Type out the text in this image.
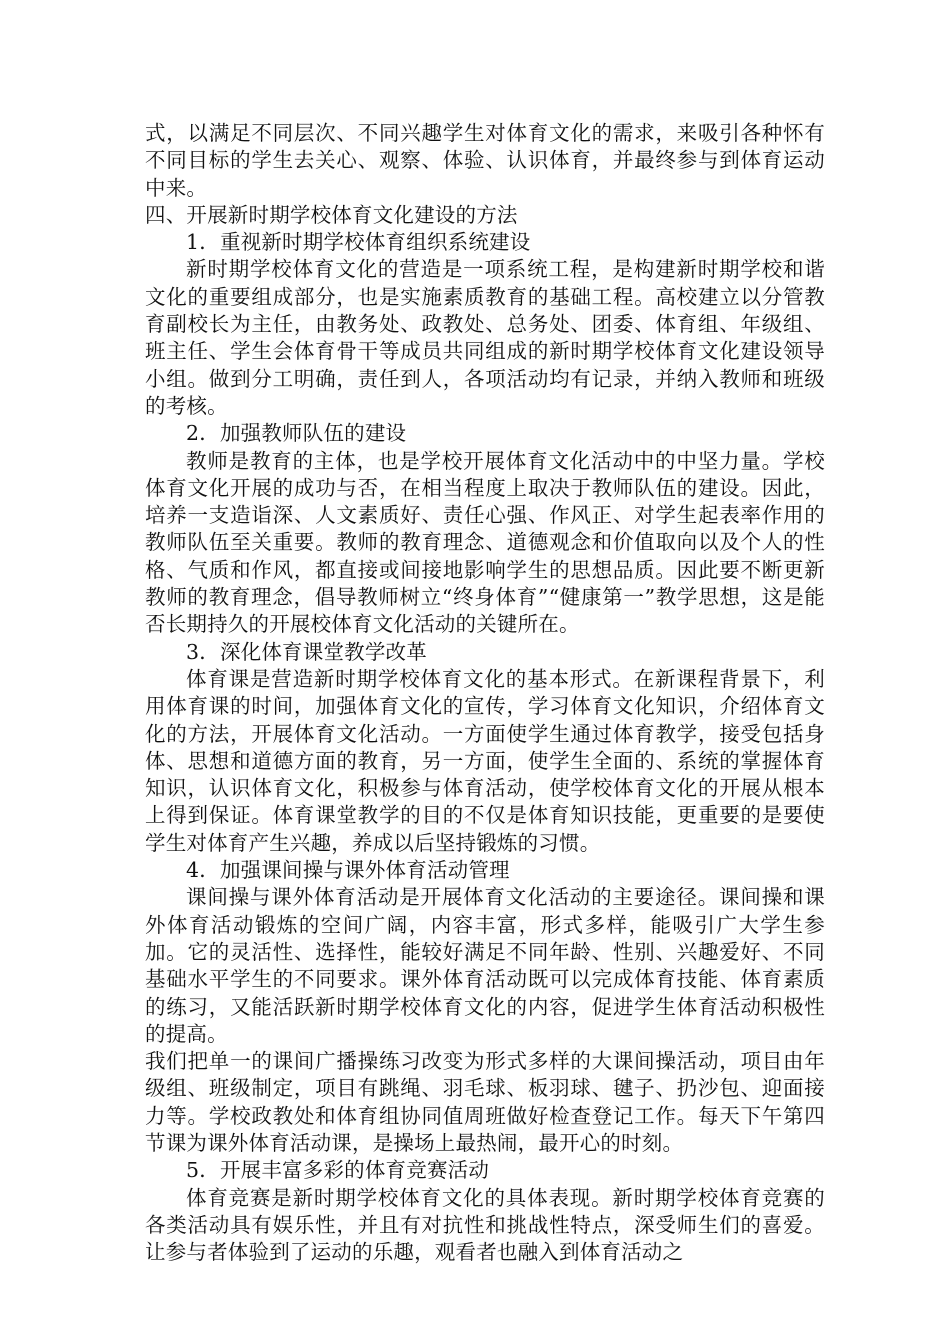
式，以满足不同层次、不同兴趣学生对体育文化的需求，来吸引各种怀有不同目标的学生去关心、观察、体验、认识体育，并最终参与到体育运动中来。

四、开展新时期学校体育文化建设的方法

1．重视新时期学校体育组织系统建设

新时期学校体育文化的营造是一项系统工程，是构建新时期学校和谐文化的重要组成部分，也是实施素质教育的基础工程。高校建立以分管教育副校长为主任，由教务处、政教处、总务处、团委、体育组、年级组、班主任、学生会体育骨干等成员共同组成的新时期学校体育文化建设领导小组。做到分工明确，责任到人，各项活动均有记录，并纳入教师和班级的考核。

2．加强教师队伍的建设

教师是教育的主体，也是学校开展体育文化活动中的中坚力量。学校体育文化开展的成功与否，在相当程度上取决于教师队伍的建设。因此，培养一支造诣深、人文素质好、责任心强、作风正、对学生起表率作用的教师队伍至关重要。教师的教育理念、道德观念和价值取向以及个人的性格、气质和作风，都直接或间接地影响学生的思想品质。因此要不断更新教师的教育理念，倡导教师树立“终身体育”“健康第一”教学思想，这是能否长期持久的开展校体育文化活动的关键所在。

3．深化体育课堂教学改革

体育课是营造新时期学校体育文化的基本形式。在新课程背景下，利用体育课的时间，加强体育文化的宣传，学习体育文化知识，介绍体育文化的方法，开展体育文化活动。一方面使学生通过体育教学，接受包括身体、思想和道德方面的教育，另一方面，使学生全面的、系统的掌握体育知识，认识体育文化，积极参与体育活动，使学校体育文化的开展从根本上得到保证。体育课堂教学的目的不仅是体育知识技能，更重要的是要使学生对体育产生兴趣，养成以后坚持锻炼的习惯。

4．加强课间操与课外体育活动管理

课间操与课外体育活动是开展体育文化活动的主要途径。课间操和课外体育活动锻炼的空间广阔，内容丰富，形式多样，能吸引广大学生参加。它的灵活性、选择性，能较好满足不同年龄、性别、兴趣爱好、不同基础水平学生的不同要求。课外体育活动既可以完成体育技能、体育素质的练习，又能活跃新时期学校体育文化的内容，促进学生体育活动积极性的提高。

我们把单一的课间广播操练习改变为形式多样的大课间操活动，项目由年级组、班级制定，项目有跳绳、羽毛球、板羽球、毽子、扔沙包、迎面接力等。学校政教处和体育组协同值周班做好检查登记工作。每天下午第四节课为课外体育活动课，是操场上最热闹，最开心的时刻。

5．开展丰富多彩的体育竞赛活动

体育竞赛是新时期学校体育文化的具体表现。新时期学校体育竞赛的各类活动具有娱乐性，并且有对抗性和挑战性特点，深受师生们的喜爱。让参与者体验到了运动的乐趣，观看者也融入到体育活动之
